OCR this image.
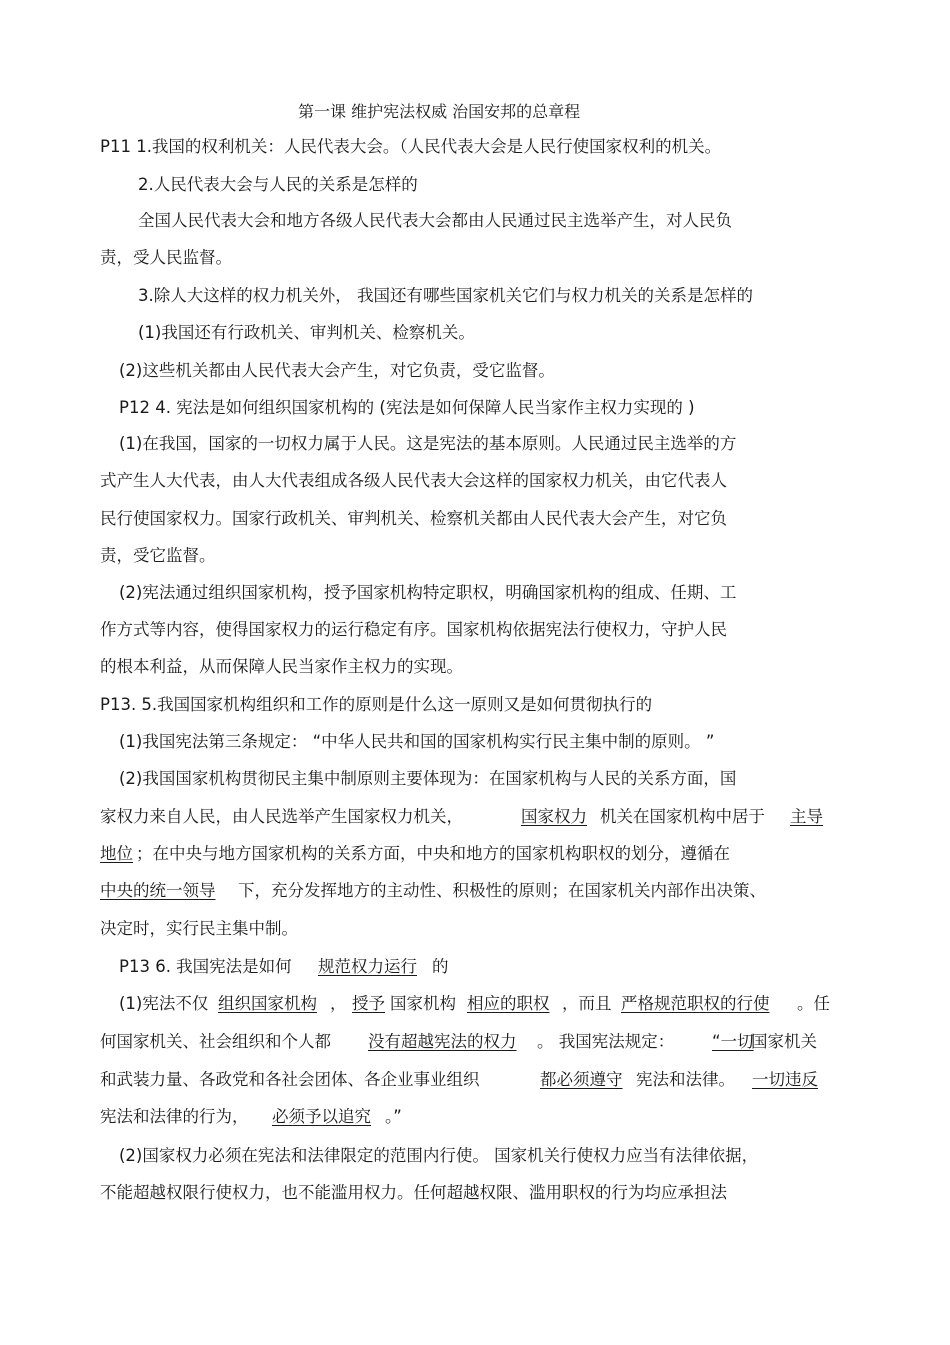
第一课 维护宪法权威 治国安邦的总章程
P11 1.我国的权利机关：人民代表大会。（人民代表大会是人民行使国家权利的机关。
2.人民代表大会与人民的关系是怎样的
全国人民代表大会和地方各级人民代表大会都由人民通过民主选举产生，对人民负
责，受人民监督。
3.除人大这样的权力机关外， 我国还有哪些国家机关它们与权力机关的关系是怎样的
(1)我国还有行政机关、审判机关、检察机关。
(2)这些机关都由人民代表大会产生，对它负责，受它监督。
P12 4. 宪法是如何组织国家机构的 (宪法是如何保障人民当家作主权力实现的 )
(1)在我国，国家的一切权力属于人民。这是宪法的基本原则。人民通过民主选举的方
式产生人大代表，由人大代表组成各级人民代表大会这样的国家权力机关，由它代表人
民行使国家权力。国家行政机关、审判机关、检察机关都由人民代表大会产生，对它负
责，受它监督。
(2)宪法通过组织国家机构，授予国家机构特定职权，明确国家机构的组成、任期、工
作方式等内容，使得国家权力的运行稳定有序。国家机构依据宪法行使权力，守护人民
的根本利益，从而保障人民当家作主权力的实现。
P13. 5.我国国家机构组织和工作的原则是什么这一原则又是如何贯彻执行的
(1)我国宪法第三条规定： “中华人民共和国的国家机构实行民主集中制的原则。 ”
(2)我国国家机构贯彻民主集中制原则主要体现为：在国家机构与人民的关系方面，国
家权力来自人民，由人民选举产生国家权力机关，	国家权力 机关在国家机构中居于 主导
地位 ；在中央与地方国家机构的关系方面，中央和地方的国家机构职权的划分，遵循在
中央的统一领导 下，充分发挥地方的主动性、积极性的原则；在国家机关内部作出决策、
决定时，实行民主集中制。
P13 6. 我国宪法是如何 规范权力运行 的
(1)宪法不仅 组织国家机构 ， 授予 国家机构 相应的职权 ，而且 严格规范职权的行使 。任
何国家机关、社会组织和个人都 没有超越宪法的权力 。 我国宪法规定： “一切
国家机关
和武装力量、各政党和各社会团体、各企业事业组织	都必须遵守 宪法和法律。 一切违反
宪法和法律的行为， 必须予以追究 。”
(2)国家权力必须在宪法和法律限定的范围内行使。 国家机关行使权力应当有法律依据，
不能超越权限行使权力，也不能滥用权力。任何超越权限、滥用职权的行为均应承担法
